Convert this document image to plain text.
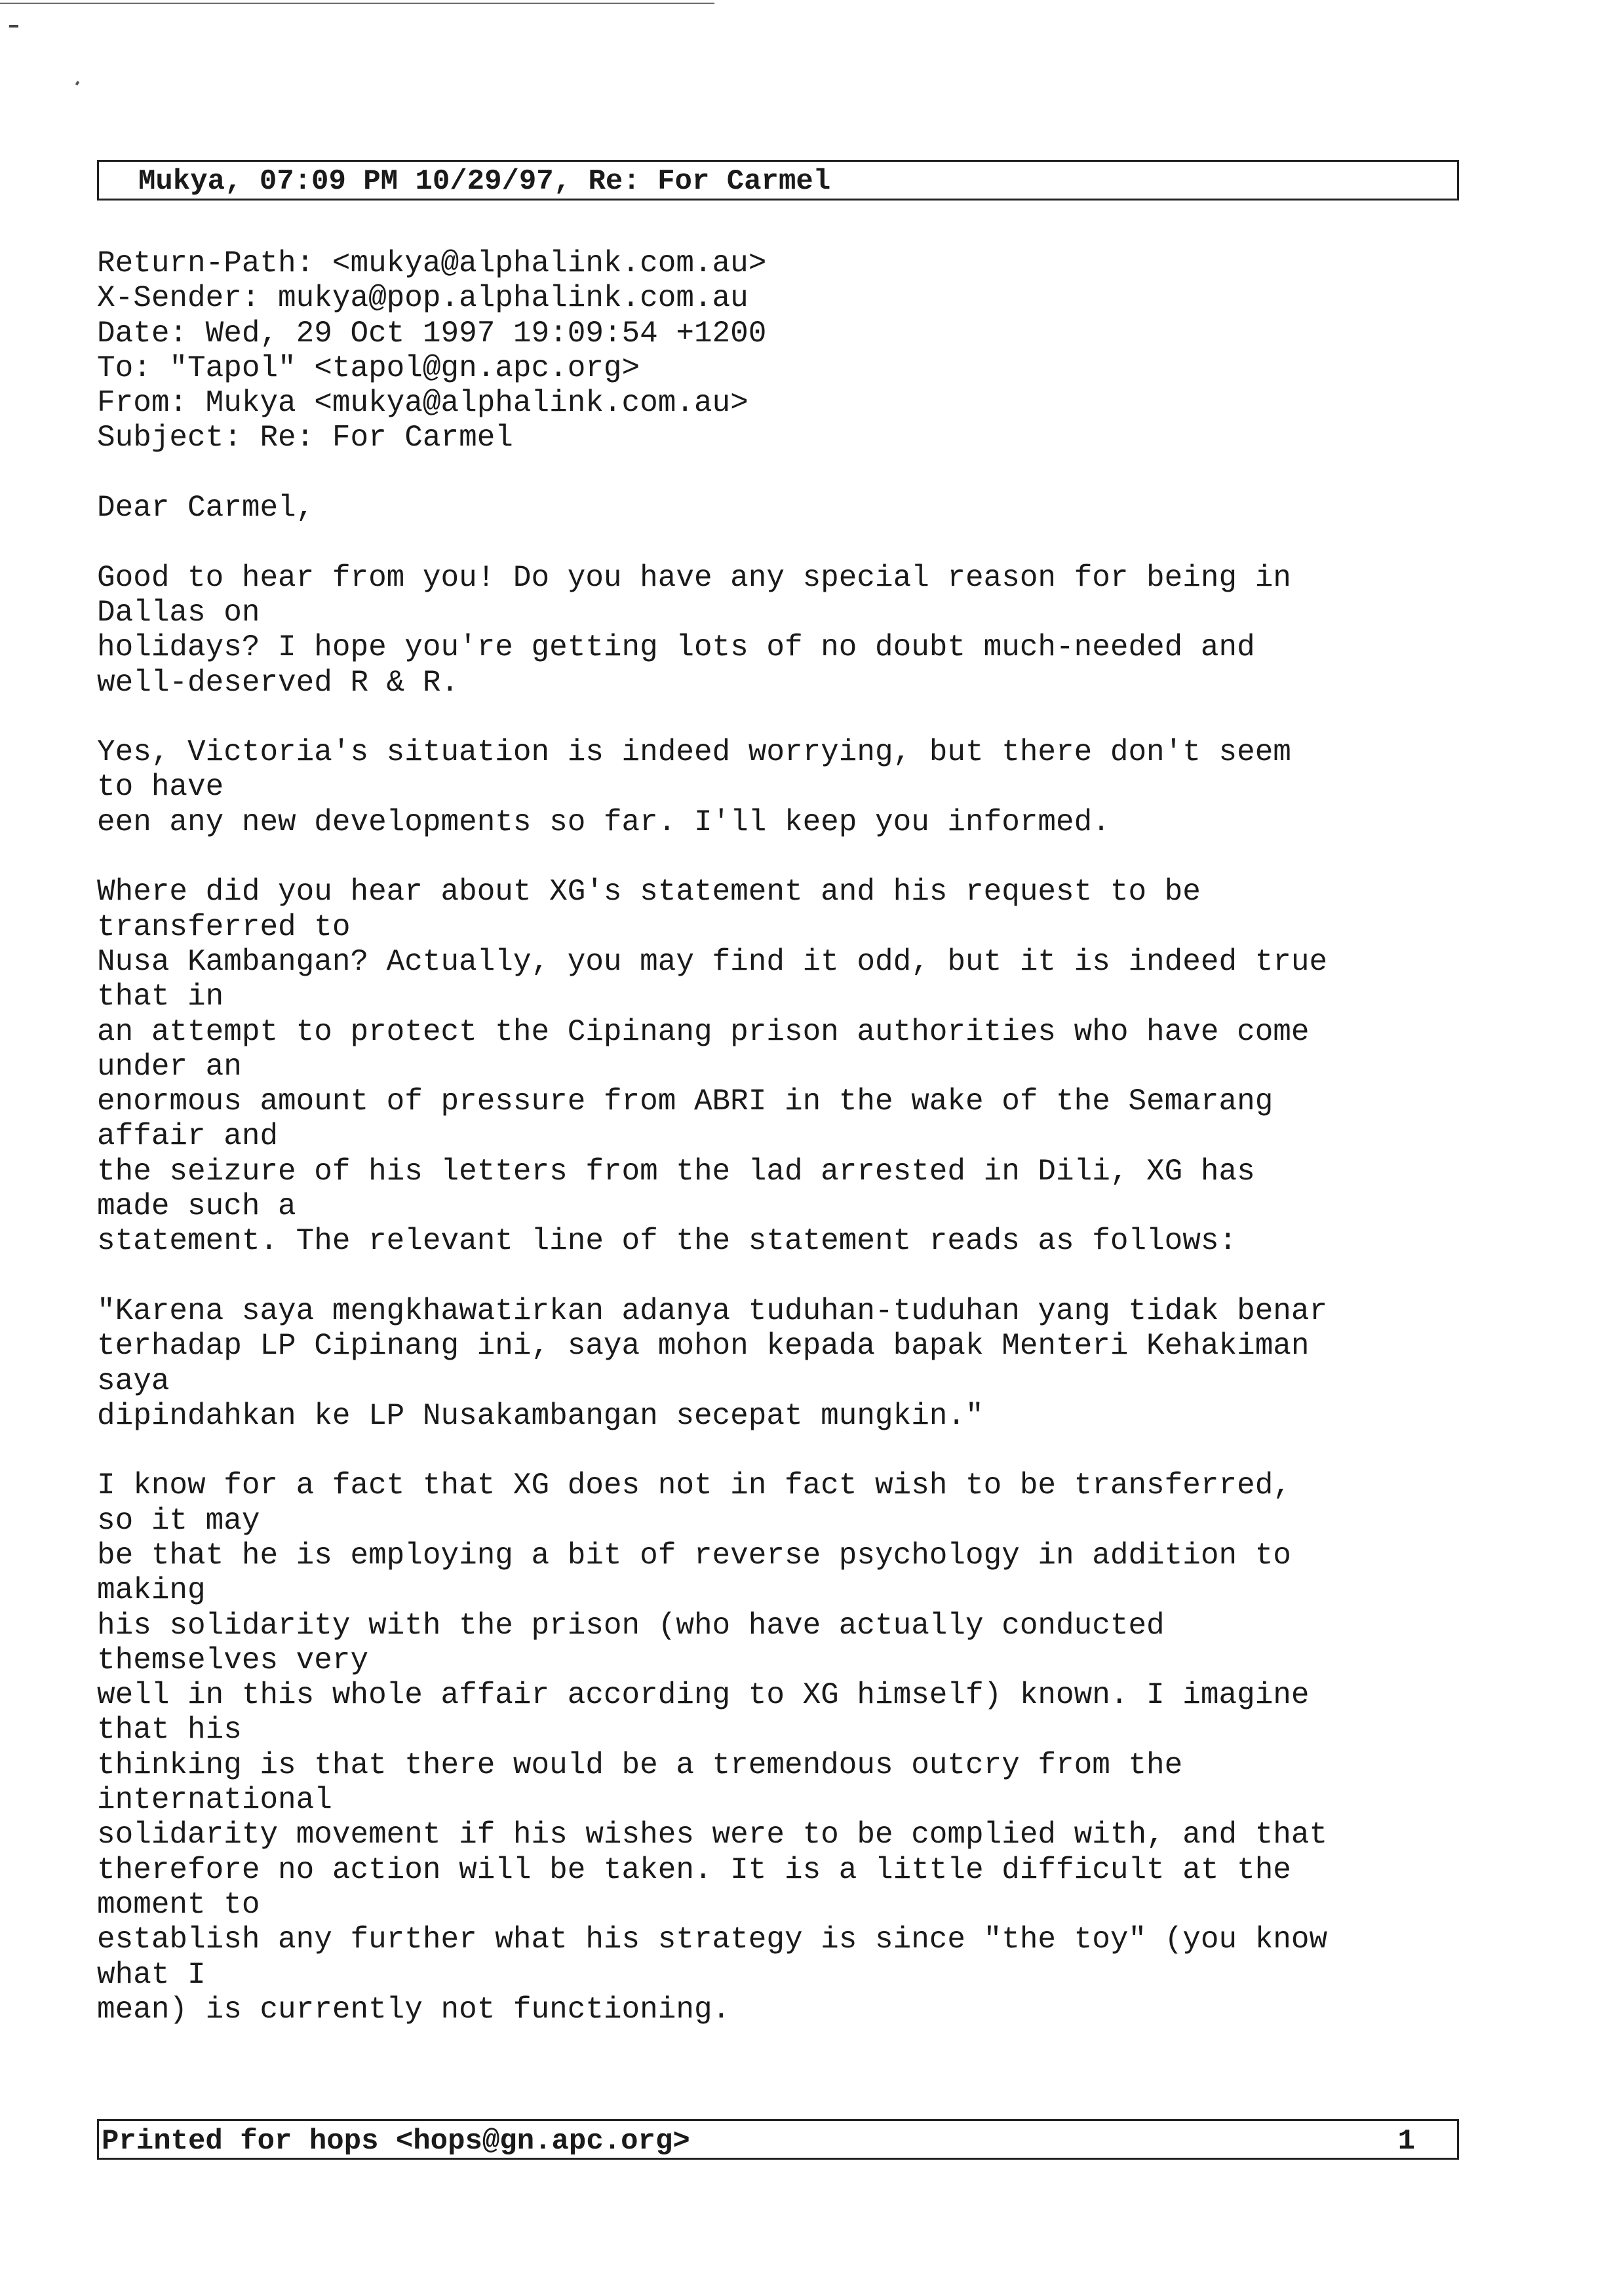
Mukya, 07:09 PM 10/29/97, Re: For Carmel
Return-Path: <mukya@alphalink.com.au>
X-Sender: mukya@pop.alphalink.com.au
Date: Wed, 29 Oct 1997 19:09:54 +1200
To: "Tapol" <tapol@gn.apc.org>
From: Mukya <mukya@alphalink.com.au>
Subject: Re: For Carmel
Dear Carmel,
Good to hear from you! Do you have any special reason for being in
Dallas on
holidays? I hope you're getting lots of no doubt much-needed and
well-deserved R & R.
Yes, Victoria's situation is indeed worrying, but there don't seem
to have
een any new developments so far. I'll keep you informed.
Where did you hear about XG's statement and his request to be
transferred to
Nusa Kambangan? Actually, you may find it odd, but it is indeed true
that in
an attempt to protect the Cipinang prison authorities who have come
under an
enormous amount of pressure from ABRI in the wake of the Semarang
affair and
the seizure of his letters from the lad arrested in Dili, XG has
made such a
statement. The relevant line of the statement reads as follows:
"Karena saya mengkhawatirkan adanya tuduhan-tuduhan yang tidak benar
terhadap LP Cipinang ini, saya mohon kepada bapak Menteri Kehakiman
saya
dipindahkan ke LP Nusakambangan secepat mungkin."
I know for a fact that XG does not in fact wish to be transferred,
so it may
be that he is employing a bit of reverse psychology in addition to
making
his solidarity with the prison (who have actually conducted
themselves very
well in this whole affair according to XG himself) known. I imagine
that his
thinking is that there would be a tremendous outcry from the
international
solidarity movement if his wishes were to be complied with, and that
therefore no action will be taken. It is a little difficult at the
moment to
establish any further what his strategy is since "the toy" (you know
what I
mean) is currently not functioning.
Printed for hops <hops@gn.apc.org>	1
